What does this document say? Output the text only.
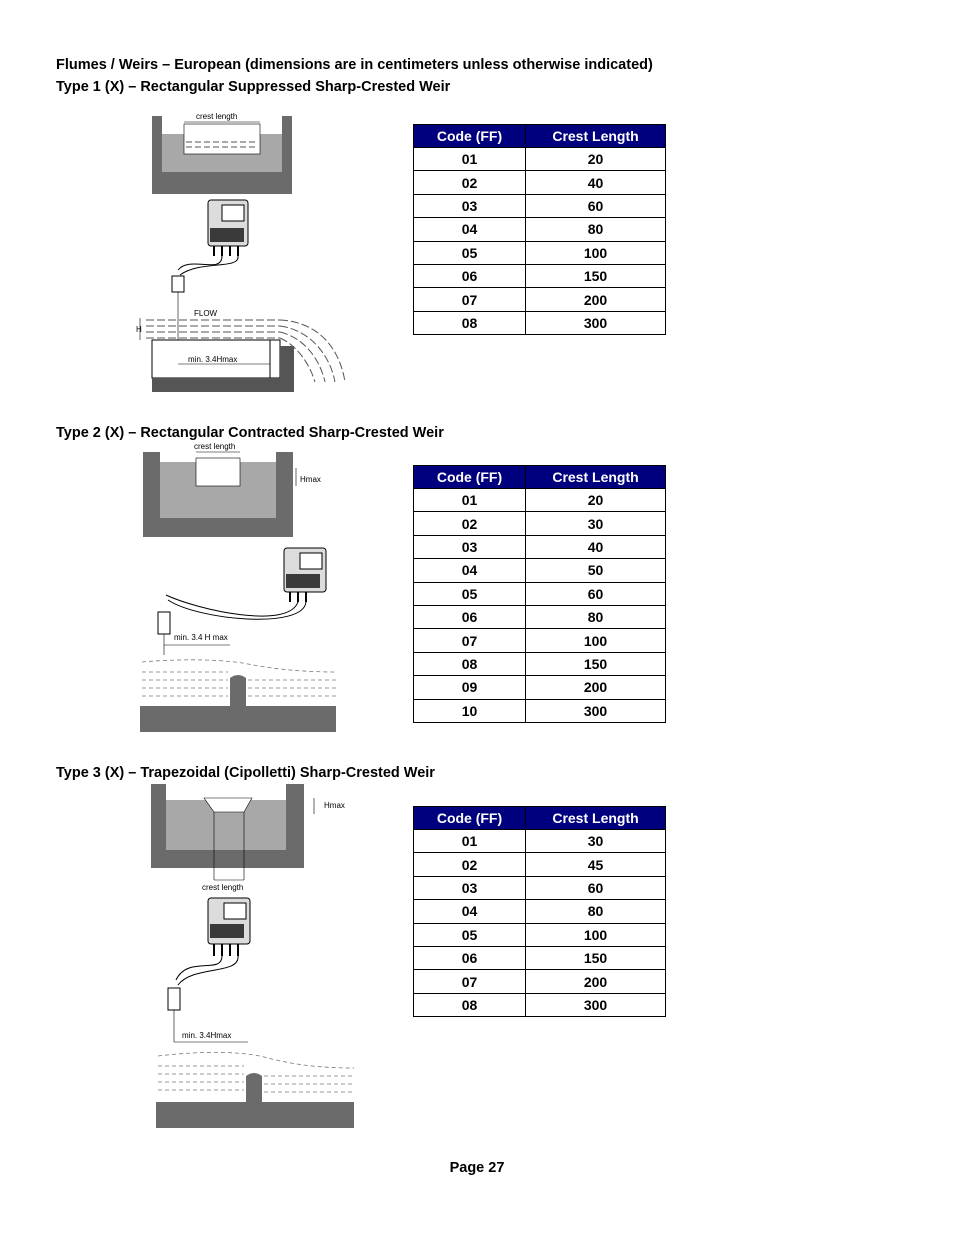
Flumes / Weirs – European (dimensions are in centimeters unless otherwise indicated)
Type 1 (X) – Rectangular Suppressed Sharp-Crested Weir
Type 2 (X) – Rectangular Contracted Sharp-Crested Weir
Type 3 (X) – Trapezoidal (Cipolletti) Sharp-Crested Weir
crest length
FLOW
H
min. 3.4Hmax
Code (FF)	Crest Length
01	20
02	40
03	60
04	80
05	100
06	150
07	200
08	300
crest length
Hmax
min. 3.4 H max
Code (FF)	Crest Length
01	20
02	30
03	40
04	50
05	60
06	80
07	100
08	150
09	200
10	300
crest length
Hmax
min. 3.4Hmax
Code (FF)	Crest Length
01	30
02	45
03	60
04	80
05	100
06	150
07	200
08	300
Page 27
